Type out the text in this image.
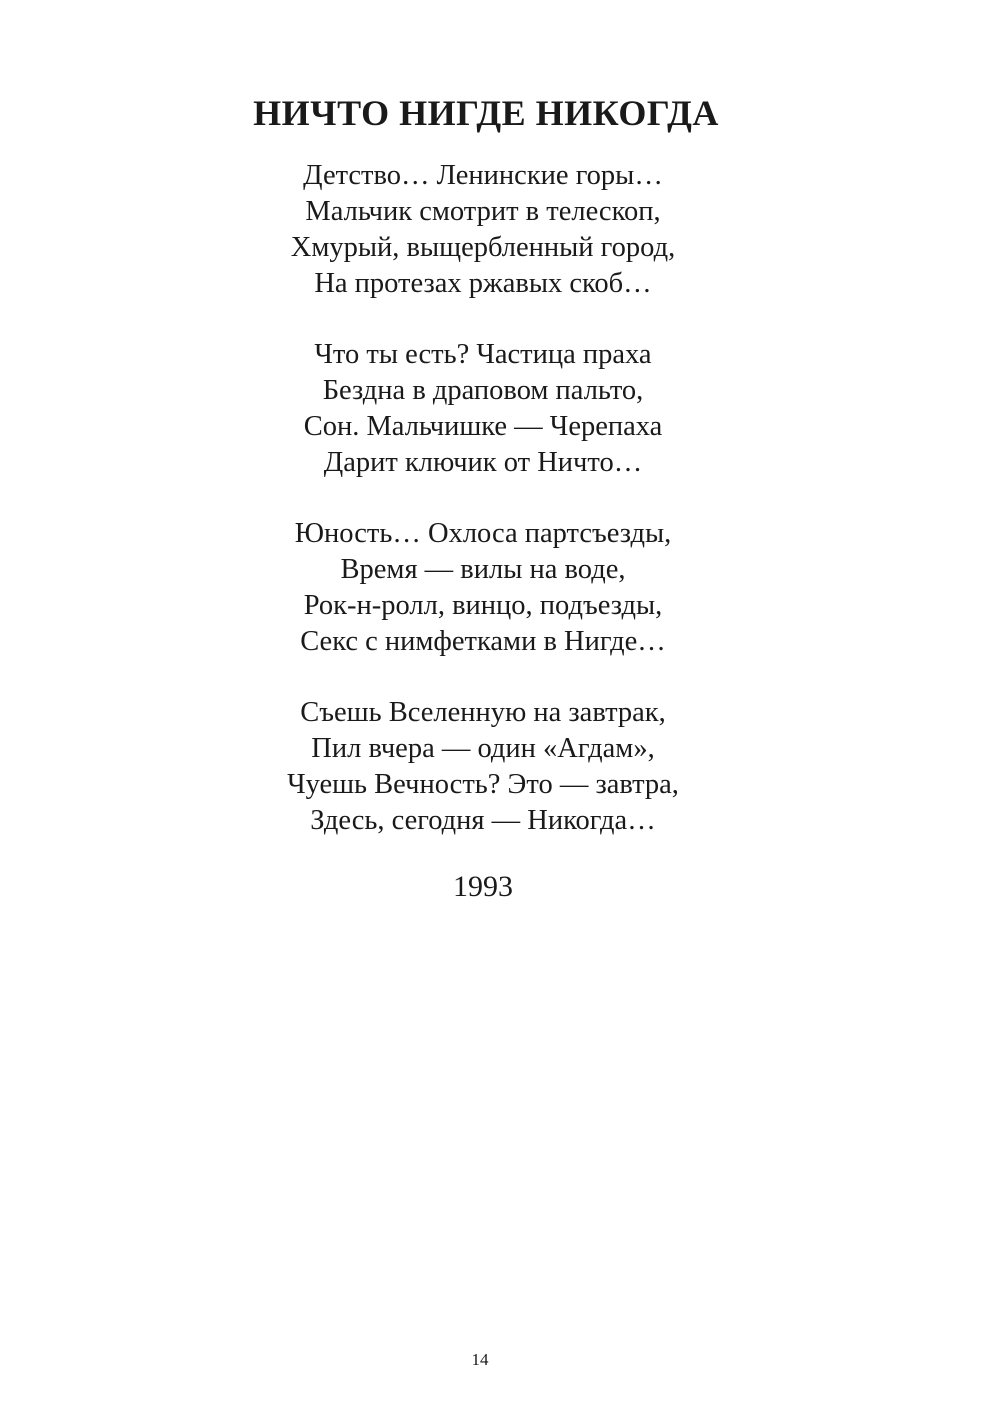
НИЧТО НИГДЕ НИКОГДА
Детство… Ленинские горы…
Мальчик смотрит в телескоп,
Хмурый, выщербленный город,
На протезах ржавых скоб…
Что ты есть? Частица праха
Бездна в драповом пальто,
Сон. Мальчишке — Черепаха
Дарит ключик от Ничто…
Юность… Охлоса партсъезды,
Время — вилы на воде,
Рок-н-ролл, винцо, подъезды,
Секс с нимфетками в Нигде…
Съешь Вселенную на завтрак,
Пил вчера — один «Агдам»,
Чуешь Вечность? Это — завтра,
Здесь, сегодня — Никогда…
1993
14
